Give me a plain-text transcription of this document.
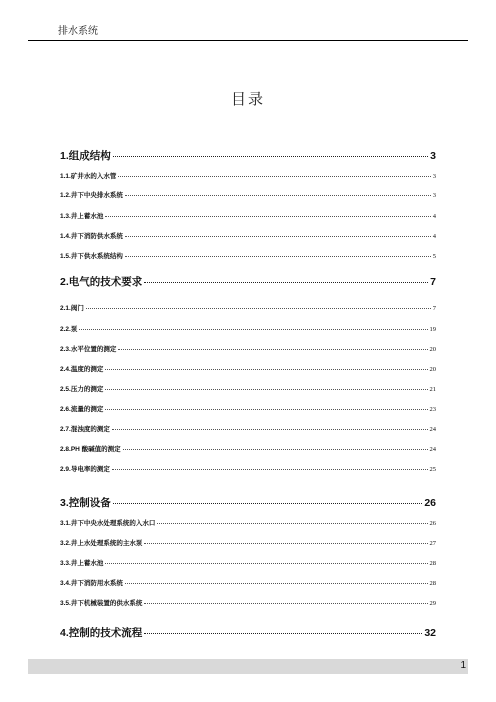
排水系统
目录
1. 组成结构	3
1.1. 矿井水的入水管	3
1.2. 井下中央排水系统	3
1.3. 井上蓄水池	4
1.4. 井下消防供水系统	4
1.5. 井下供水系统结构	5
2. 电气的技术要求	7
2.1. 阀门	7
2.2. 泵	19
2.3. 水平位置的测定	20
2.4. 温度的测定	20
2.5. 压力的测定	21
2.6. 流量的测定	23
2.7. 混浊度的测定	24
2.8. PH 酸碱值的测定	24
2.9. 导电率的测定	25
3. 控制设备	26
3.1. 井下中央水处理系统的入水口	26
3.2. 井上水处理系统的主水泵	27
3.3. 井上蓄水池	28
3.4. 井下消防用水系统	28
3.5. 井下机械装置的供水系统	29
4. 控制的技术流程	32
1
